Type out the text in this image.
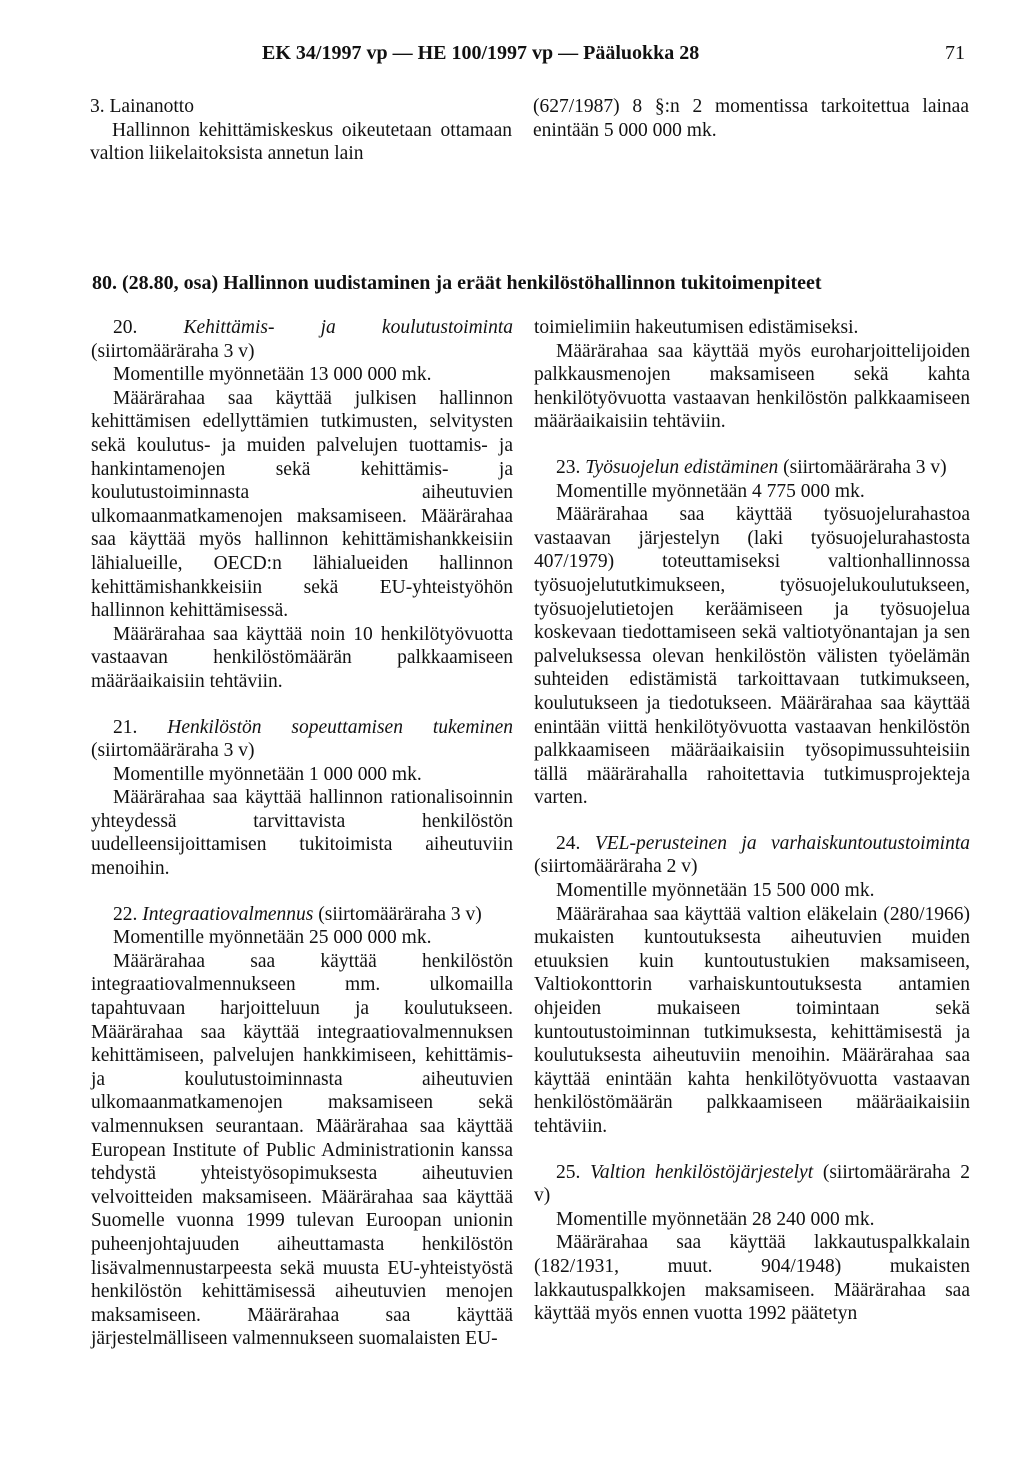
EK 34/1997 vp — HE 100/1997 vp — Pääluokka 28	71

3. Lainanotto

Hallinnon kehittämiskeskus oikeutetaan ottamaan valtion liikelaitoksista annetun lain

(627/1987) 8 §:n 2 momentissa tarkoitettua lainaa enintään 5 000 000 mk.

80. (28.80, osa) Hallinnon uudistaminen ja eräät henkilöstöhallinnon tukitoimenpiteet

20. Kehittämis- ja koulutustoiminta (siirtomääräraha 3 v)

Momentille myönnetään 13 000 000 mk.

Määrärahaa saa käyttää julkisen hallinnon kehittämisen edellyttämien tutkimusten, selvitysten sekä koulutus- ja muiden palvelujen tuottamis- ja hankintamenojen sekä kehittämis- ja koulutustoiminnasta aiheutuvien ulkomaanmatkamenojen maksamiseen. Määrärahaa saa käyttää myös hallinnon kehittämishankkeisiin lähialueille, OECD:n lähialueiden hallinnon kehittämishankkeisiin sekä EU-yhteistyöhön hallinnon kehittämisessä.

Määrärahaa saa käyttää noin 10 henkilötyövuotta vastaavan henkilöstömäärän palkkaamiseen määräaikaisiin tehtäviin.

21. Henkilöstön sopeuttamisen tukeminen (siirtomääräraha 3 v)

Momentille myönnetään 1 000 000 mk.

Määrärahaa saa käyttää hallinnon rationalisoinnin yhteydessä tarvittavista henkilöstön uudelleensijoittamisen tukitoimista aiheutuviin menoihin.

22. Integraatiovalmennus (siirtomääräraha 3 v)

Momentille myönnetään 25 000 000 mk.

Määrärahaa saa käyttää henkilöstön integraatiovalmennukseen mm. ulkomailla tapahtuvaan harjoitteluun ja koulutukseen. Määrärahaa saa käyttää integraatiovalmennuksen kehittämiseen, palvelujen hankkimiseen, kehittämis- ja koulutustoiminnasta aiheutuvien ulkomaanmatkamenojen maksamiseen sekä valmennuksen seurantaan. Määrärahaa saa käyttää European Institute of Public Administrationin kanssa tehdystä yhteistyösopimuksesta aiheutuvien velvoitteiden maksamiseen. Määrärahaa saa käyttää Suomelle vuonna 1999 tulevan Euroopan unionin puheenjohtajuuden aiheuttamasta henkilöstön lisävalmennustarpeesta sekä muusta EU-yhteistyöstä henkilöstön kehittämisessä aiheutuvien menojen maksamiseen. Määrärahaa saa käyttää järjestelmälliseen valmennukseen suomalaisten EU-

toimielimiin hakeutumisen edistämiseksi.

Määrärahaa saa käyttää myös euroharjoittelijoiden palkkausmenojen maksamiseen sekä kahta henkilötyövuotta vastaavan henkilöstön palkkaamiseen määräaikaisiin tehtäviin.

23. Työsuojelun edistäminen (siirtomääräraha 3 v)

Momentille myönnetään 4 775 000 mk.

Määrärahaa saa käyttää työsuojelurahastoa vastaavan järjestelyn (laki työsuojelurahastosta 407/1979) toteuttamiseksi valtionhallinnossa työsuojelututkimukseen, työsuojelukoulutukseen, työsuojelutietojen keräämiseen ja työsuojelua koskevaan tiedottamiseen sekä valtiotyönantajan ja sen palveluksessa olevan henkilöstön välisten työelämän suhteiden edistämistä tarkoittavaan tutkimukseen, koulutukseen ja tiedotukseen. Määrärahaa saa käyttää enintään viittä henkilötyövuotta vastaavan henkilöstön palkkaamiseen määräaikaisiin työsopimussuhteisiin tällä määrärahalla rahoitettavia tutkimusprojekteja varten.

24. VEL-perusteinen ja varhaiskuntoutustoiminta (siirtomääräraha 2 v)

Momentille myönnetään 15 500 000 mk.

Määrärahaa saa käyttää valtion eläkelain (280/1966) mukaisten kuntoutuksesta aiheutuvien muiden etuuksien kuin kuntoutustukien maksamiseen, Valtiokonttorin varhaiskuntoutuksesta antamien ohjeiden mukaiseen toimintaan sekä kuntoutustoiminnan tutkimuksesta, kehittämisestä ja koulutuksesta aiheutuviin menoihin. Määrärahaa saa käyttää enintään kahta henkilötyövuotta vastaavan henkilöstömäärän palkkaamiseen määräaikaisiin tehtäviin.

25. Valtion henkilöstöjärjestelyt (siirtomääräraha 2 v)

Momentille myönnetään 28 240 000 mk.

Määrärahaa saa käyttää lakkautuspalkkalain (182/1931, muut. 904/1948) mukaisten lakkautuspalkkojen maksamiseen. Määrärahaa saa käyttää myös ennen vuotta 1992 päätetyn
